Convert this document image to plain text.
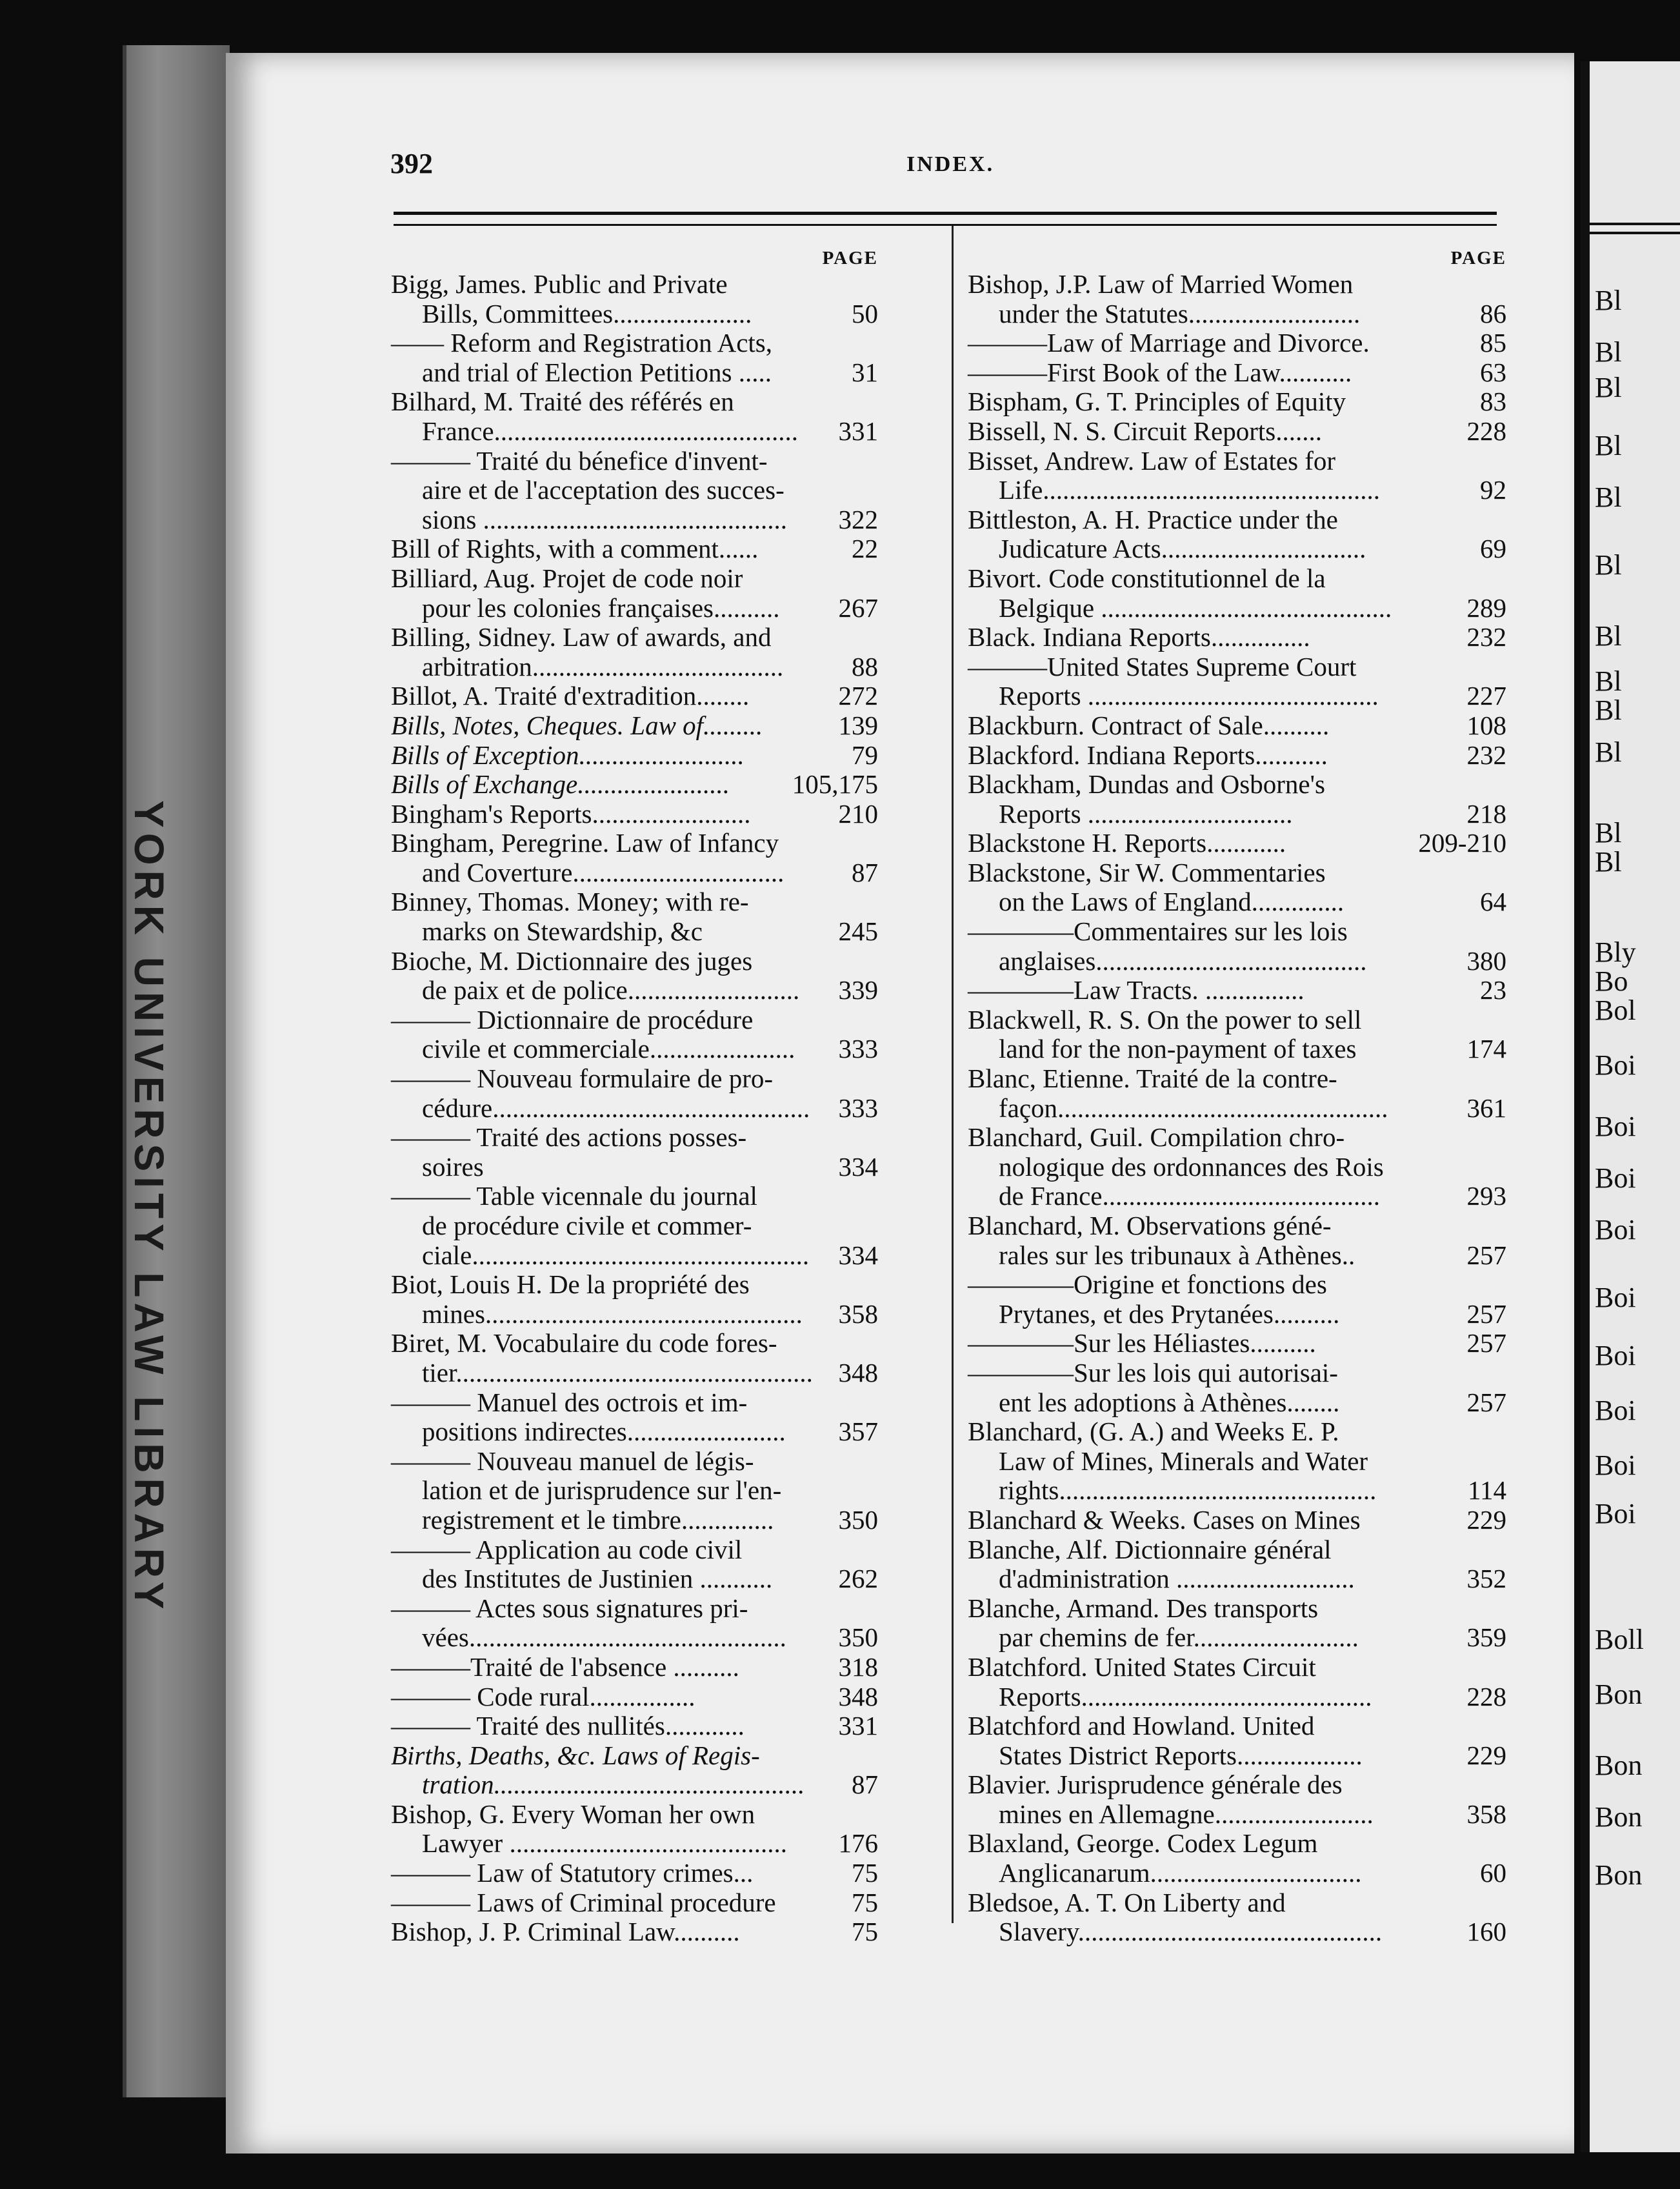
YORK UNIVERSITY LAW LIBRARY
Bl
Bl
Bl
Bl
Bl
Bl
Bl
Bl
Bl
Bl
Bl
Bl
Bly
Bo
Bol
Boi
Boi
Boi
Boi
Boi
Boi
Boi
Boi
Boi
Boll
Bon
Bon
Bon
Bon
392	INDEX.
PAGE
Bigg, James. Public and Private
Bills, Committees.....................	50
—— Reform and Registration Acts,
and trial of Election Petitions .....	31
Bilhard, M. Traité des référés en
France.............................................. 331
——— Traité du bénefice d'invent-
aire et de l'acceptation des succes-
sions .............................................. 322
Bill of Rights, with a comment......	22
Billiard, Aug. Projet de code noir
pour les colonies françaises.......... 267
Billing, Sidney. Law of awards, and
arbitration......................................	88
Billot, A. Traité d'extradition........	272
Bills, Notes, Cheques. Law of.........	139
Bills of Exception.........................	79
Bills of Exchange....................... 105,175
Bingham's Reports........................	210
Bingham, Peregrine. Law of Infancy
and Coverture................................	87
Binney, Thomas. Money; with re-
marks on Stewardship, &c	245
Bioche, M. Dictionnaire des juges
de paix et de police.......................... 339
——— Dictionnaire de procédure
civile et commerciale...................... 333
——— Nouveau formulaire de pro-
cédure................................................ 333
——— Traité des actions posses-
soires	334
——— Table vicennale du journal
de procédure civile et commer-
ciale................................................... 334
Biot, Louis H. De la propriété des
mines................................................ 358
Biret, M. Vocabulaire du code fores-
tier...................................................... 348
——— Manuel des octrois et im-
positions indirectes........................ 357
——— Nouveau manuel de légis-
lation et de jurisprudence sur l'en-
registrement et le timbre.............. 350
——— Application au code civil
des Institutes de Justinien ........... 262
——— Actes sous signatures pri-
vées................................................ 350
———Traité de l'absence ..........	318
——— Code rural................	348
——— Traité des nullités............	331
Births, Deaths, &c. Laws of Regis-
tration............................................... 87
Bishop, G. Every Woman her own
Lawyer .......................................... 176
——— Law of Statutory crimes...	75
——— Laws of Criminal procedure	75
Bishop, J. P. Criminal Law..........	75
PAGE
Bishop, J.P. Law of Married Women
under the Statutes..........................	86
———Law of Marriage and Divorce.	85
———First Book of the Law...........	63
Bispham, G. T. Principles of Equity	83
Bissell, N. S. Circuit Reports.......	228
Bisset, Andrew. Law of Estates for
Life...................................................	92
Bittleston, A. H. Practice under the
Judicature Acts...............................	69
Bivort. Code constitutionnel de la
Belgique ............................................	289
Black. Indiana Reports...............	232
———United States Supreme Court
Reports ............................................	227
Blackburn. Contract of Sale..........	108
Blackford. Indiana Reports...........	232
Blackham, Dundas and Osborne's
Reports ...............................	218
Blackstone H. Reports............	209-210
Blackstone, Sir W. Commentaries
on the Laws of England..............	64
————Commentaires sur les lois
anglaises.........................................	380
————Law Tracts. ...............	23
Blackwell, R. S. On the power to sell
land for the non-payment of taxes	174
Blanc, Etienne. Traité de la contre-
façon..................................................	361
Blanchard, Guil. Compilation chro-
nologique des ordonnances des Rois
de France..........................................	293
Blanchard, M. Observations géné-
rales sur les tribunaux à Athènes..	257
————Origine et fonctions des
Prytanes, et des Prytanées..........	257
————Sur les Héliastes..........	257
————Sur les lois qui autorisai-
ent les adoptions à Athènes........	257
Blanchard, (G. A.) and Weeks E. P.
Law of Mines, Minerals and Water
rights................................................	114
Blanchard & Weeks. Cases on Mines	229
Blanche, Alf. Dictionnaire général
d'administration ...........................	352
Blanche, Armand. Des transports
par chemins de fer.........................	359
Blatchford. United States Circuit
Reports............................................	228
Blatchford and Howland. United
States District Reports...................	229
Blavier. Jurisprudence générale des
mines en Allemagne........................	358
Blaxland, George. Codex Legum
Anglicanarum................................	60
Bledsoe, A. T. On Liberty and
Slavery..............................................	160
